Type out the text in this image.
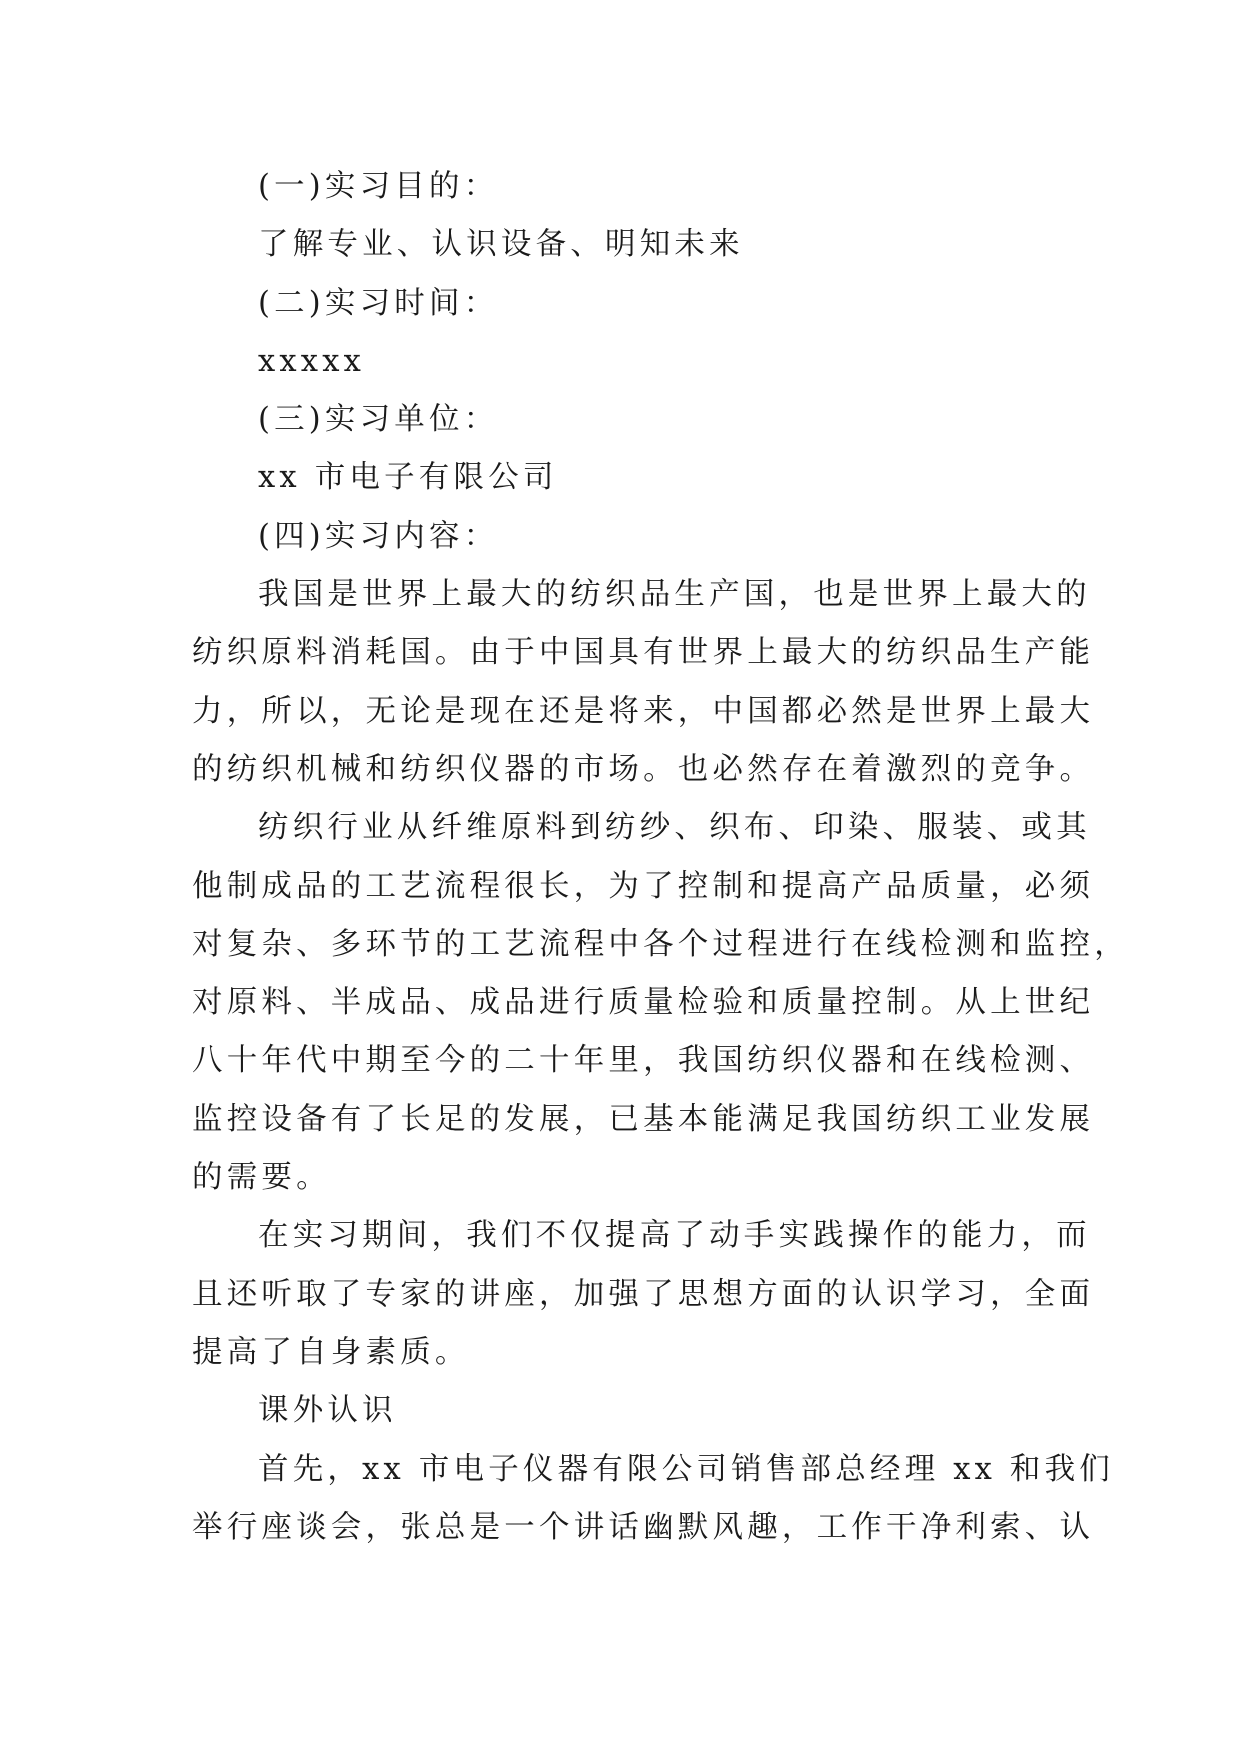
(一)实习目的：
了解专业、认识设备、明知未来
(二)实习时间：
xxxxx
(三)实习单位：
xx 市电子有限公司
(四)实习内容：
我国是世界上最大的纺织品生产国，也是世界上最大的
纺织原料消耗国。由于中国具有世界上最大的纺织品生产能
力，所以，无论是现在还是将来，中国都必然是世界上最大
的纺织机械和纺织仪器的市场。也必然存在着激烈的竞争。
纺织行业从纤维原料到纺纱、织布、印染、服装、或其
他制成品的工艺流程很长，为了控制和提高产品质量，必须
对复杂、多环节的工艺流程中各个过程进行在线检测和监控，
对原料、半成品、成品进行质量检验和质量控制。从上世纪
八十年代中期至今的二十年里，我国纺织仪器和在线检测、
监控设备有了长足的发展，已基本能满足我国纺织工业发展
的需要。
在实习期间，我们不仅提高了动手实践操作的能力，而
且还听取了专家的讲座，加强了思想方面的认识学习，全面
提高了自身素质。
课外认识
首先，xx 市电子仪器有限公司销售部总经理 xx 和我们
举行座谈会，张总是一个讲话幽默风趣，工作干净利索、认
